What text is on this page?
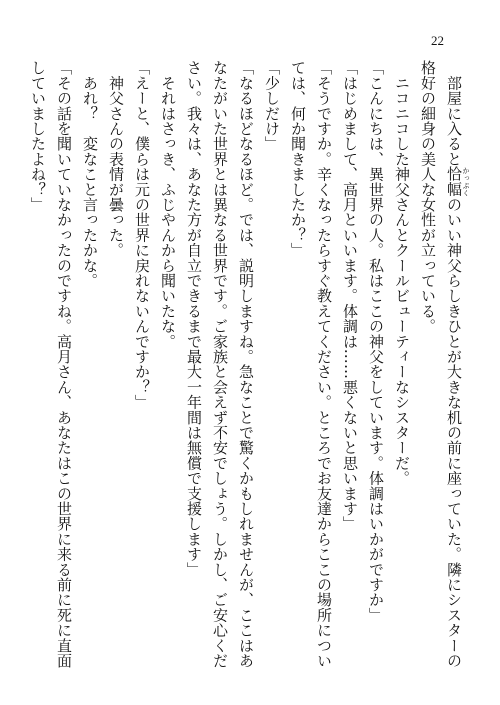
22
　部屋に入ると恰幅 かっぷくのいい神父らしきひとが大きな机の前に座っていた。隣にシスターの
格好の細身の美人な女性が立っている。
　ニコニコした神父さんとクールビューティーなシスターだ。
「こんにちは、異世界の人。私はここの神父をしています。体調はいかがですか」
「はじめまして、高月といいます。体調は……悪くないと思います」
「そうですか。辛くなったらすぐ教えてください。ところでお友達からここの場所につい
ては、何か聞きましたか？」
「少しだけ」
「なるほどなるほど。では、説明しますね。急なことで驚くかもしれませんが、ここはあ
なたがいた世界とは異なる世界です。ご家族と会えず不安でしょう。しかし、ご安心くだ
さい。我々は、あなた方が自立できるまで最大一年間は無償で支援します」
　それはさっき、ふじやんから聞いたな。
「えーと、僕らは元の世界に戻れないんですか？」
　神父さんの表情が曇った。
　あれ？　変なこと言ったかな。
「その話を聞いていなかったのですね。高月さん、あなたはこの世界に来る前に死に直面
していましたよね？」
